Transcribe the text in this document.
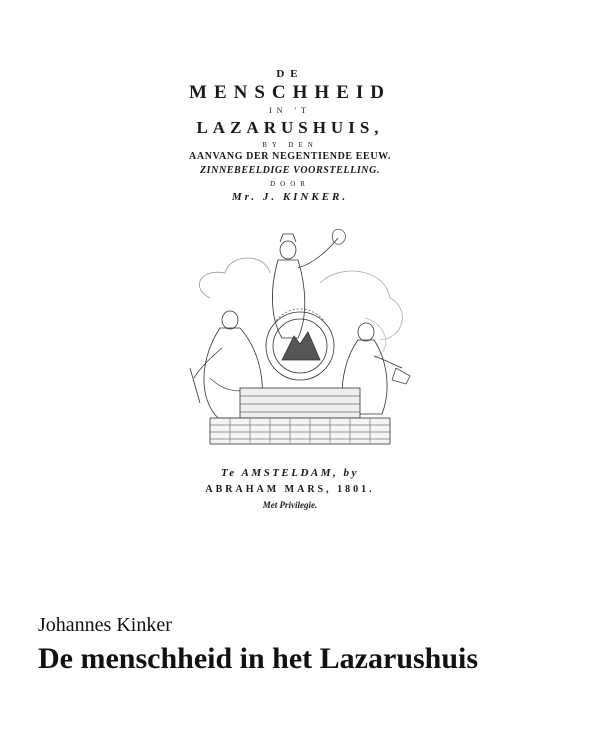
DE
MENSCHHEID
IN 'T
LAZARUSHUIS,
BY DEN
AANVANG DER NEGENTIENDE EEUW.
ZINNEBEELDIGE VOORSTELLING.
DOOR
Mr. J. KINKER.
Te AMSTELDAM, by
ABRAHAM MARS, 1801.
Met Privilegie.
Johannes Kinker
De menschheid in het Lazarushuis
